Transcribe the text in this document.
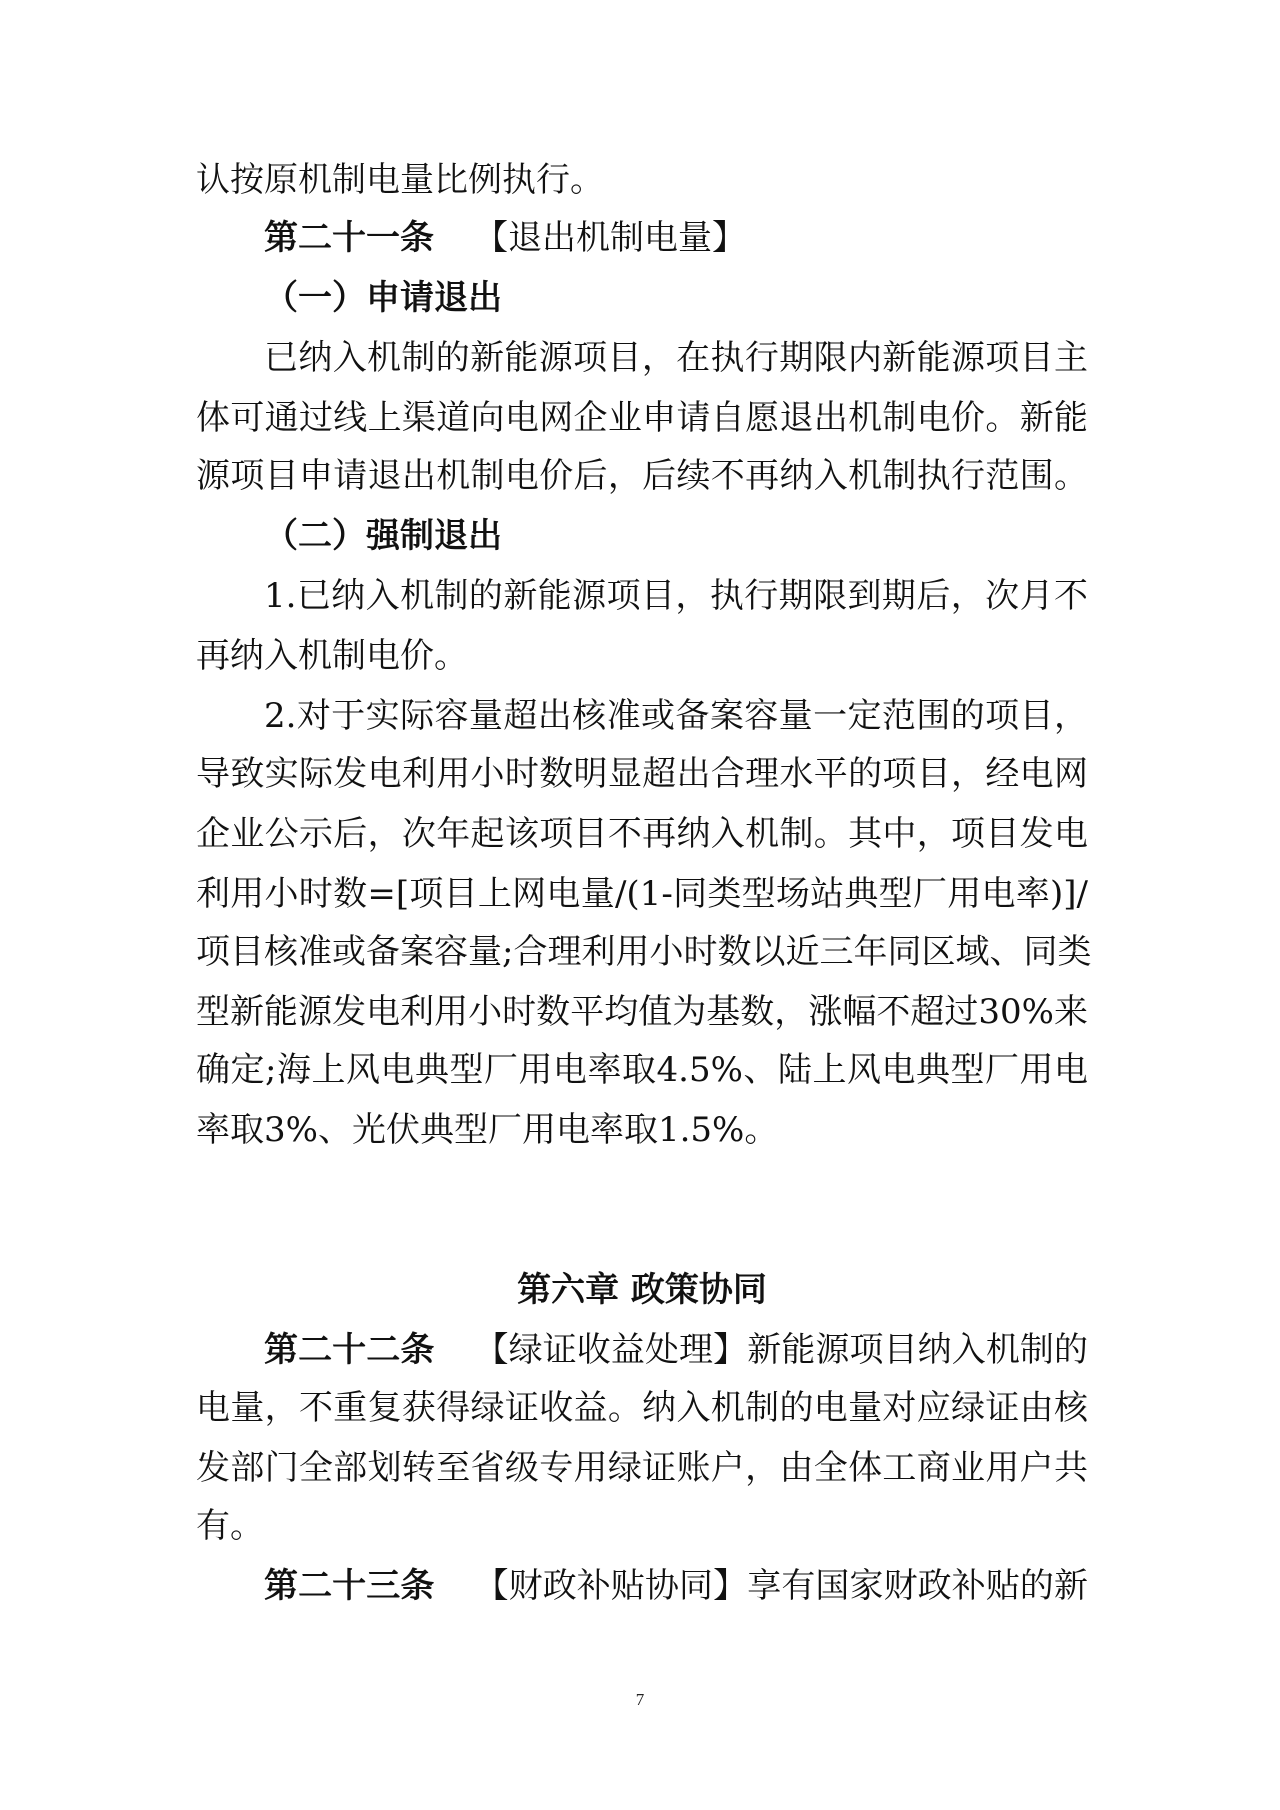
认按原机制电量比例执行。
第二十一条 【退出机制电量】
（一）申请退出
已纳入机制的新能源项目，在执行期限内新能源项目主
体可通过线上渠道向电网企业申请自愿退出机制电价。新能
源项目申请退出机制电价后，后续不再纳入机制执行范围。
（二）强制退出
1.已纳入机制的新能源项目，执行期限到期后，次月不
再纳入机制电价。
2.对于实际容量超出核准或备案容量一定范围的项目，
导致实际发电利用小时数明显超出合理水平的项目，经电网
企业公示后，次年起该项目不再纳入机制。其中，项目发电
利用小时数=[项目上网电量/(1-同类型场站典型厂用电率)]/
项目核准或备案容量;合理利用小时数以近三年同区域、同类
型新能源发电利用小时数平均值为基数，涨幅不超过30%来
确定;海上风电典型厂用电率取4.5%、陆上风电典型厂用电
率取3%、光伏典型厂用电率取1.5%。
第六章 政策协同
第二十二条 【绿证收益处理】新能源项目纳入机制的
电量，不重复获得绿证收益。纳入机制的电量对应绿证由核
发部门全部划转至省级专用绿证账户，由全体工商业用户共
有。
第二十三条 【财政补贴协同】享有国家财政补贴的新
7
